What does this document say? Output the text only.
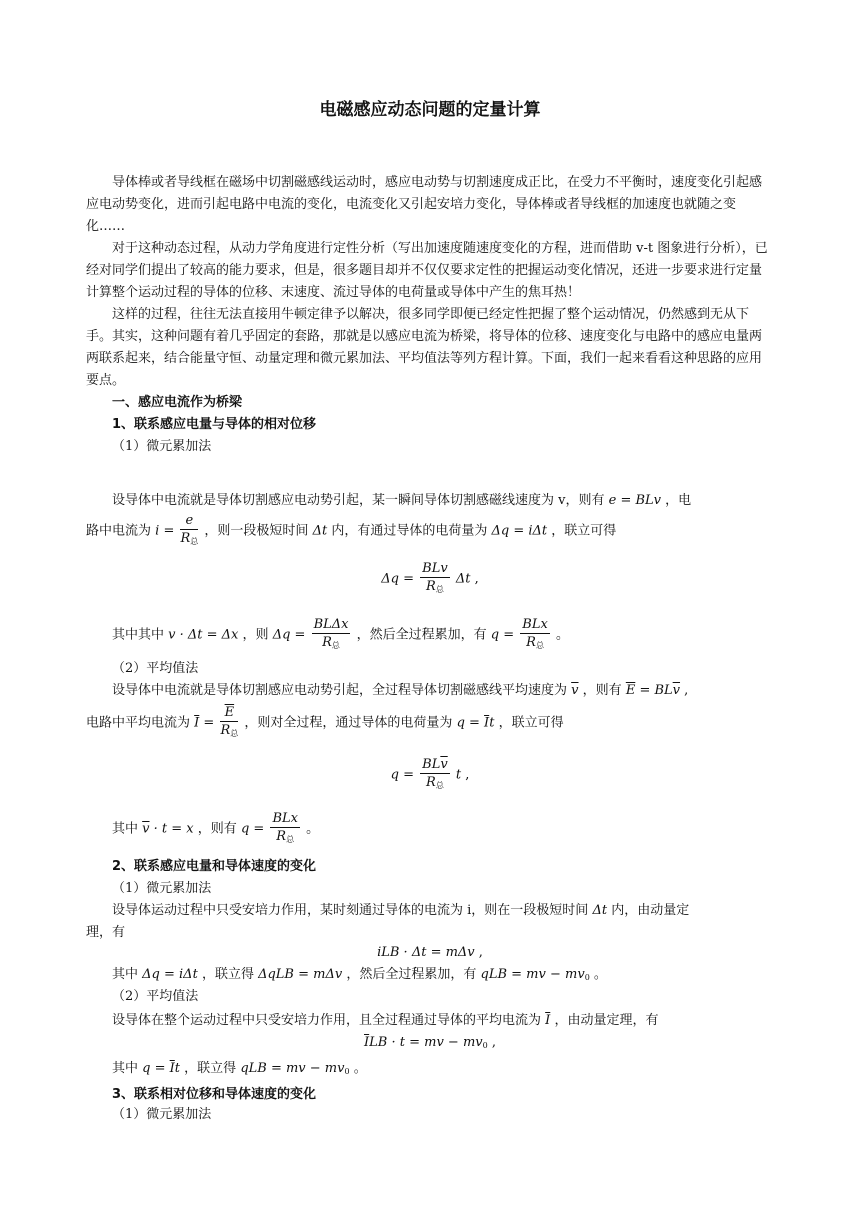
电磁感应动态问题的定量计算

导体棒或者导线框在磁场中切割磁感线运动时，感应电动势与切割速度成正比，在受力不平衡时，速度变化引起感应电动势变化，进而引起电路中电流的变化，电流变化又引起安培力变化，导体棒或者导线框的加速度也就随之变化……

对于这种动态过程，从动力学角度进行定性分析（写出加速度随速度变化的方程，进而借助 v-t 图象进行分析），已经对同学们提出了较高的能力要求，但是，很多题目却并不仅仅要求定性的把握运动变化情况，还进一步要求进行定量计算整个运动过程的导体的位移、末速度、流过导体的电荷量或导体中产生的焦耳热！

这样的过程，往往无法直接用牛顿定律予以解决，很多同学即便已经定性把握了整个运动情况，仍然感到无从下手。其实，这种问题有着几乎固定的套路，那就是以感应电流为桥梁，将导体的位移、速度变化与电路中的感应电量两两联系起来，结合能量守恒、动量定理和微元累加法、平均值法等列方程计算。下面，我们一起来看看这种思路的应用要点。

一、感应电流作为桥梁
1、联系感应电量与导体的相对位移
（1）微元累加法
设导体中电流就是导体切割感应电动势引起，某一瞬间导体切割感磁线速度为 v，则有 e = BLv ，电
路中电流为 $i = \frac{e}{R_总}$ ，则一段极短时间 Δt 内，有通过导体的电荷量为 Δq = iΔt ，联立可得
$\Delta q = \frac{\text{BLv}}{R_总}$ Δt ,
其中其中 v · Δt = Δx ，则 $\Delta q = \frac{\text{BLΔx}}{R_总}$ ，然后全过程累加，有 $q = \frac{\text{BLx}}{R_总}$ 。
（2）平均值法
设导体中电流就是导体切割感应电动势引起，全过程导体切割磁感线平均速度为 $\overline{v}$ ，则有 $\overline{E} = BL\overline{v}$ ,
电路中平均电流为 $\overline{I} = \frac{\overline{E}}{R_总}$ ，则对全过程，通过导体的电荷量为 $q = \overline{I}t$ ，联立可得
$q = \frac{BL\overline{v}}{R_总}$ t ,
其中 $\overline{v} \cdot t = x$ ，则有 $q = \frac{\text{BLx}}{R_总}$ 。
2、联系感应电量和导体速度的变化
（1）微元累加法
设导体运动过程中只受安培力作用，某时刻通过导体的电流为 i，则在一段极短时间 Δt 内，由动量定
理，有
iLB · Δt = mΔv ,
其中 Δq = iΔt ，联立得 ΔqLB = mΔv ，然后全过程累加，有 qLB = mv − $mv_0$ 。
（2）平均值法
设导体在整个运动过程中只受安培力作用，且全过程通过导体的平均电流为 $\overline{I}$ ，由动量定理，有
$\overline{I}LB \cdot t$ = mv − $mv_0$ ,
其中 $q = \overline{I}t$ ，联立得 qLB = mv − $mv_0$ 。
3、联系相对位移和导体速度的变化
（1）微元累加法
